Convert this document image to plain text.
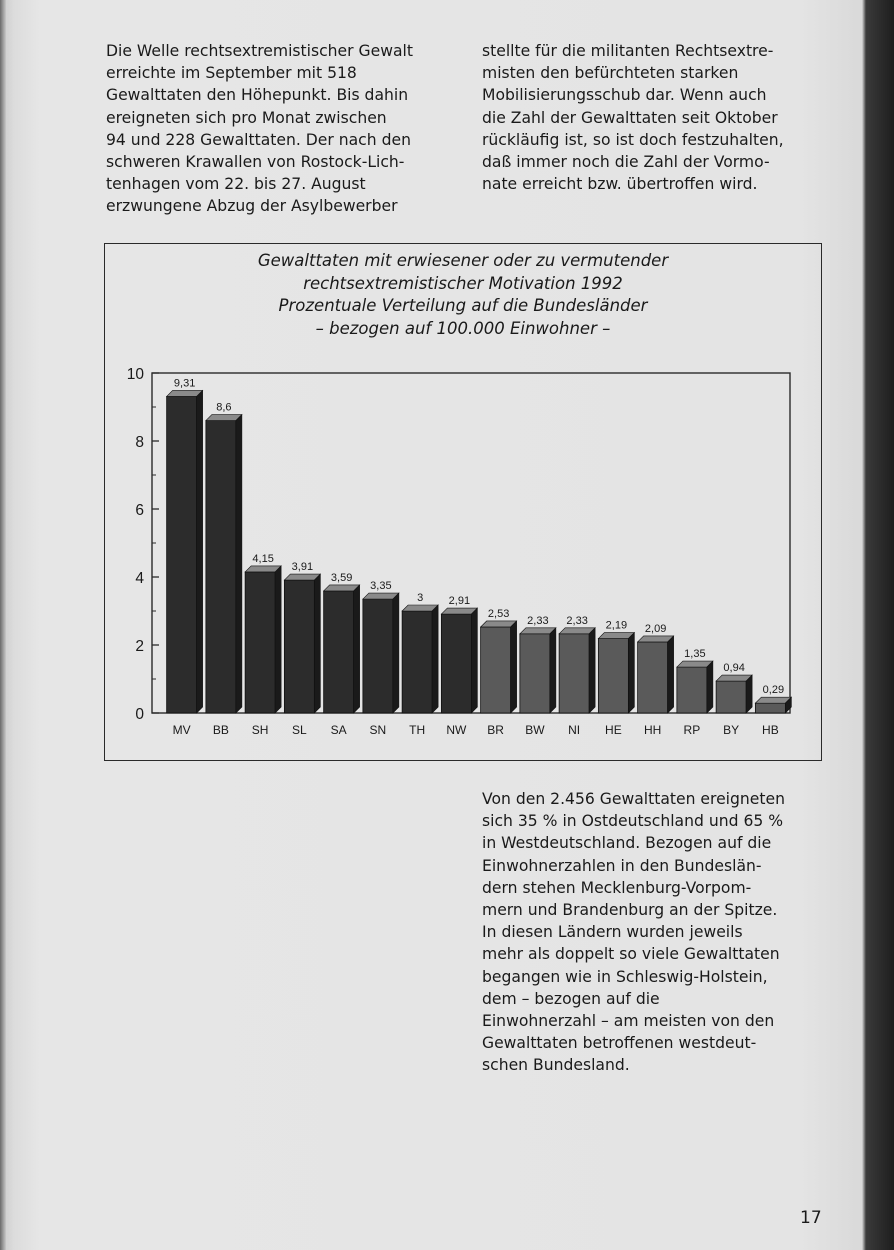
Die Welle rechtsextremistischer Gewalt
erreichte im September mit 518
Gewalttaten den Höhepunkt. Bis dahin
ereigneten sich pro Monat zwischen
94 und 228 Gewalttaten. Der nach den
schweren Krawallen von Rostock-Lich-
tenhagen vom 22. bis 27. August
erzwungene Abzug der Asylbewerber
stellte für die militanten Rechtsextre-
misten den befürchteten starken
Mobilisierungsschub dar. Wenn auch
die Zahl der Gewalttaten seit Oktober
rückläufig ist, so ist doch festzuhalten,
daß immer noch die Zahl der Vormo-
nate erreicht bzw. übertroffen wird.
Gewalttaten mit erwiesener oder zu vermutender
rechtsextremistischer Motivation 1992
Prozentuale Verteilung auf die Bundesländer
– bezogen auf 100.000 Einwohner –
0
2
4
6
8
10
9,31
MV
8,6
BB
4,15
SH
3,91
SL
3,59
SA
3,35
SN
3
TH
2,91
NW
2,53
BR
2,33
BW
2,33
NI
2,19
HE
2,09
HH
1,35
RP
0,94
BY
0,29
HB
Von den 2.456 Gewalttaten ereigneten
sich 35 % in Ostdeutschland und 65 %
in Westdeutschland. Bezogen auf die
Einwohnerzahlen in den Bundeslän-
dern stehen Mecklenburg-Vorpom-
mern und Brandenburg an der Spitze.
In diesen Ländern wurden jeweils
mehr als doppelt so viele Gewalttaten
begangen wie in Schleswig-Holstein,
dem – bezogen auf die
Einwohnerzahl – am meisten von den
Gewalttaten betroffenen westdeut-
schen Bundesland.
17
